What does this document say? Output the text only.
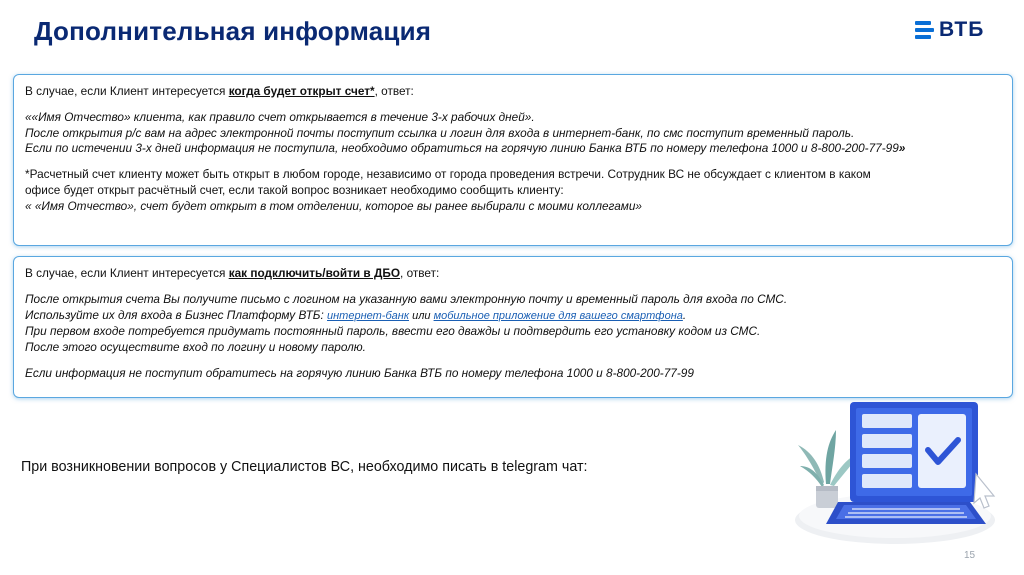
Дополнительная информация	ВТБ
В случае, если Клиент интересуется когда будет открыт счет*, ответ:
««Имя Отчество» клиента, как правило счет открывается в течение 3-х рабочих дней».
После открытия р/с вам на адрес электронной почты поступит ссылка и логин для входа в интернет-банк, по смс поступит временный пароль.
Если по истечении 3-х дней информация не поступила, необходимо обратиться на горячую линию Банка ВТБ по номеру телефона 1000 и 8-800-200-77-99»
*Расчетный счет клиенту может быть открыт в любом городе, независимо от города проведения встречи. Сотрудник ВС не обсуждает с клиентом в каком
офисе будет открыт расчётный счет, если такой вопрос возникает необходимо сообщить клиенту:
« «Имя Отчество», счет будет открыт в том отделении, которое вы ранее выбирали с моими коллегами»
В случае, если Клиент интересуется как подключить/войти в ДБО, ответ:
После открытия счета Вы получите письмо с логином на указанную вами электронную почту и временный пароль для входа по СМС.
Используйте их для входа в Бизнес Платформу ВТБ: интернет-банк или мобильное приложение для вашего смартфона.
При первом входе потребуется придумать постоянный пароль, ввести его дважды и подтвердить его установку кодом из СМС.
После этого осуществите вход по логину и новому паролю.
Если информация не поступит обратитесь на горячую линию Банка ВТБ по номеру телефона 1000 и 8-800-200-77-99
При возникновении вопросов у Специалистов ВС, необходимо писать в telegram чат:
15
